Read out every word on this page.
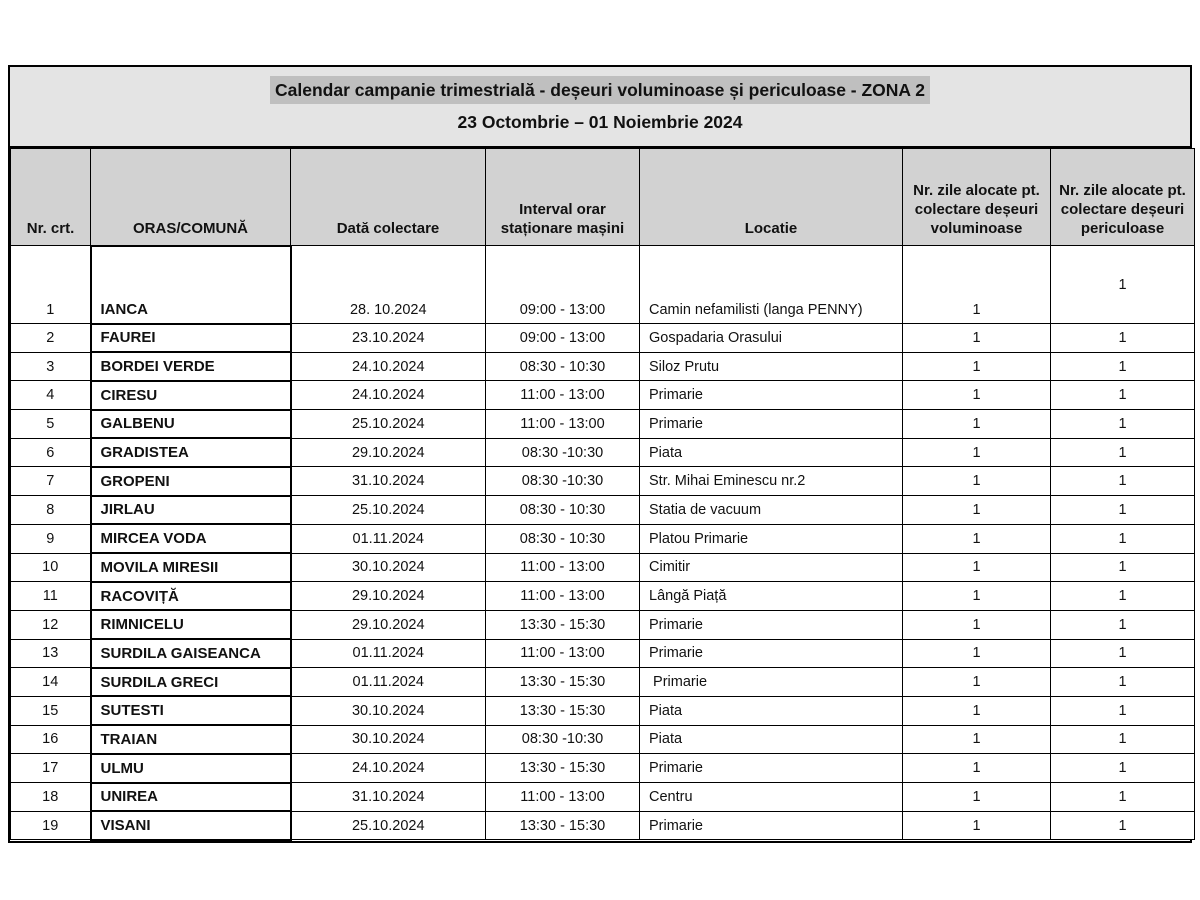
Calendar campanie trimestrială - deșeuri voluminoase și periculoase - ZONA 2
23 Octombrie – 01 Noiembrie 2024
Nr. crt.	ORAS/COMUNĂ	Dată colectare	Interval orar staționare mașini	Locatie	Nr. zile alocate pt. colectare deșeuri voluminoase	Nr. zile alocate pt. colectare deșeuri periculoase
1	IANCA	28. 10.2024	09:00 - 13:00	Camin nefamilisti (langa PENNY)	1	1
2	FAUREI	23.10.2024	09:00 - 13:00	Gospadaria Orasului	1	1
3	BORDEI VERDE	24.10.2024	08:30 - 10:30	Siloz Prutu	1	1
4	CIRESU	24.10.2024	11:00 - 13:00	Primarie	1	1
5	GALBENU	25.10.2024	11:00 - 13:00	Primarie	1	1
6	GRADISTEA	29.10.2024	08:30 -10:30	Piata	1	1
7	GROPENI	31.10.2024	08:30 -10:30	Str. Mihai Eminescu nr.2	1	1
8	JIRLAU	25.10.2024	08:30 - 10:30	Statia de vacuum	1	1
9	MIRCEA VODA	01.11.2024	08:30 - 10:30	Platou Primarie	1	1
10	MOVILA MIRESII	30.10.2024	11:00 - 13:00	Cimitir	1	1
11	RACOVIȚĂ	29.10.2024	11:00 - 13:00	Lângă Piață	1	1
12	RIMNICELU	29.10.2024	13:30 - 15:30	Primarie	1	1
13	SURDILA GAISEANCA	01.11.2024	11:00 - 13:00	Primarie	1	1
14	SURDILA GRECI	01.11.2024	13:30 - 15:30	Primarie	1	1
15	SUTESTI	30.10.2024	13:30 - 15:30	Piata	1	1
16	TRAIAN	30.10.2024	08:30 -10:30	Piata	1	1
17	ULMU	24.10.2024	13:30 - 15:30	Primarie	1	1
18	UNIREA	31.10.2024	11:00 - 13:00	Centru	1	1
19	VISANI	25.10.2024	13:30 - 15:30	Primarie	1	1
